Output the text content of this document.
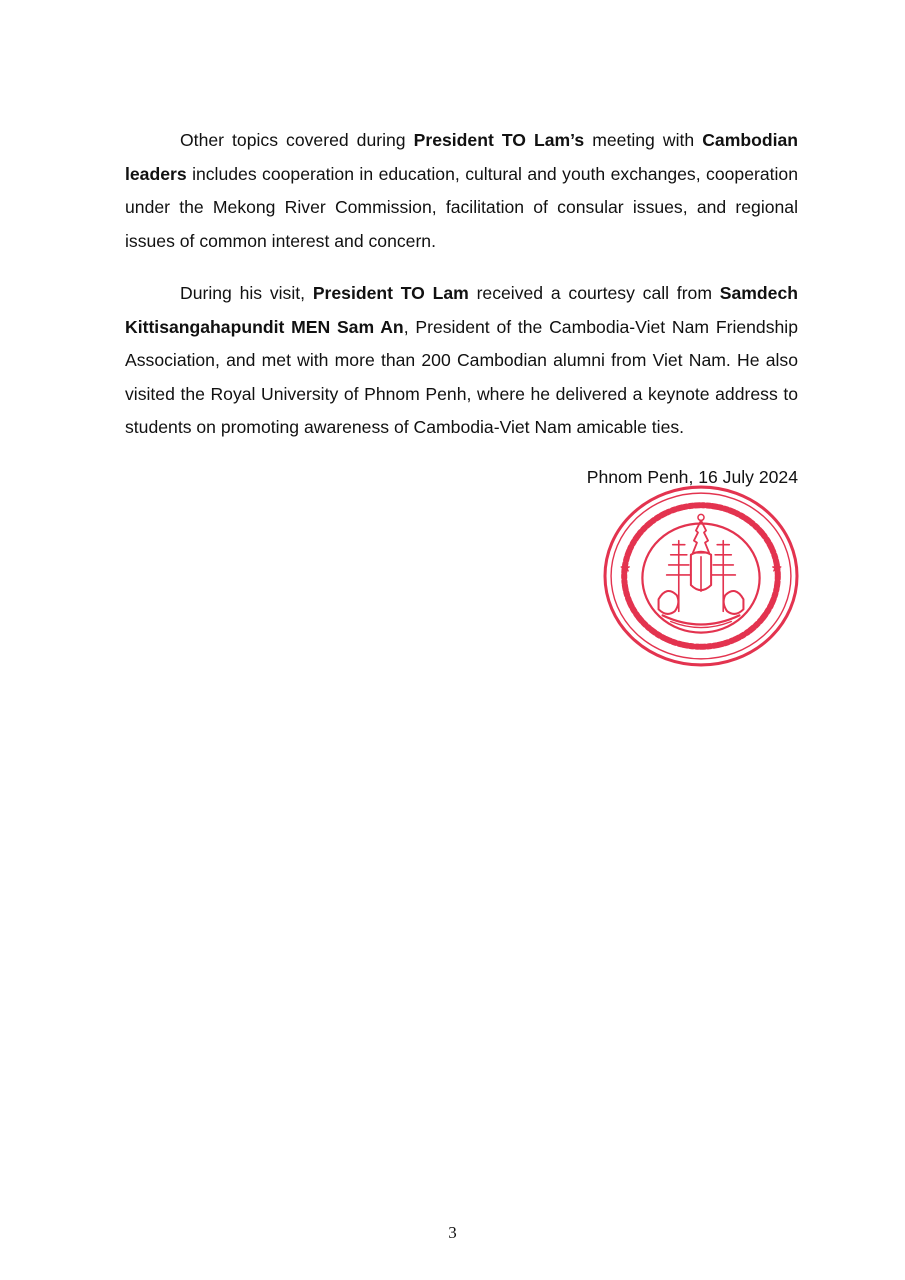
Other topics covered during President TO Lam’s meeting with Cambodian leaders includes cooperation in education, cultural and youth exchanges, cooperation under the Mekong River Commission, facilitation of consular issues, and regional issues of common interest and concern.

During his visit, President TO Lam received a courtesy call from Samdech Kittisangahapundit MEN Sam An, President of the Cambodia-Viet Nam Friendship Association, and met with more than 200 Cambodian alumni from Viet Nam. He also visited the Royal University of Phnom Penh, where he delivered a keynote address to students on promoting awareness of Cambodia-Viet Nam amicable ties.

Phnom Penh, 16 July 2024
3
